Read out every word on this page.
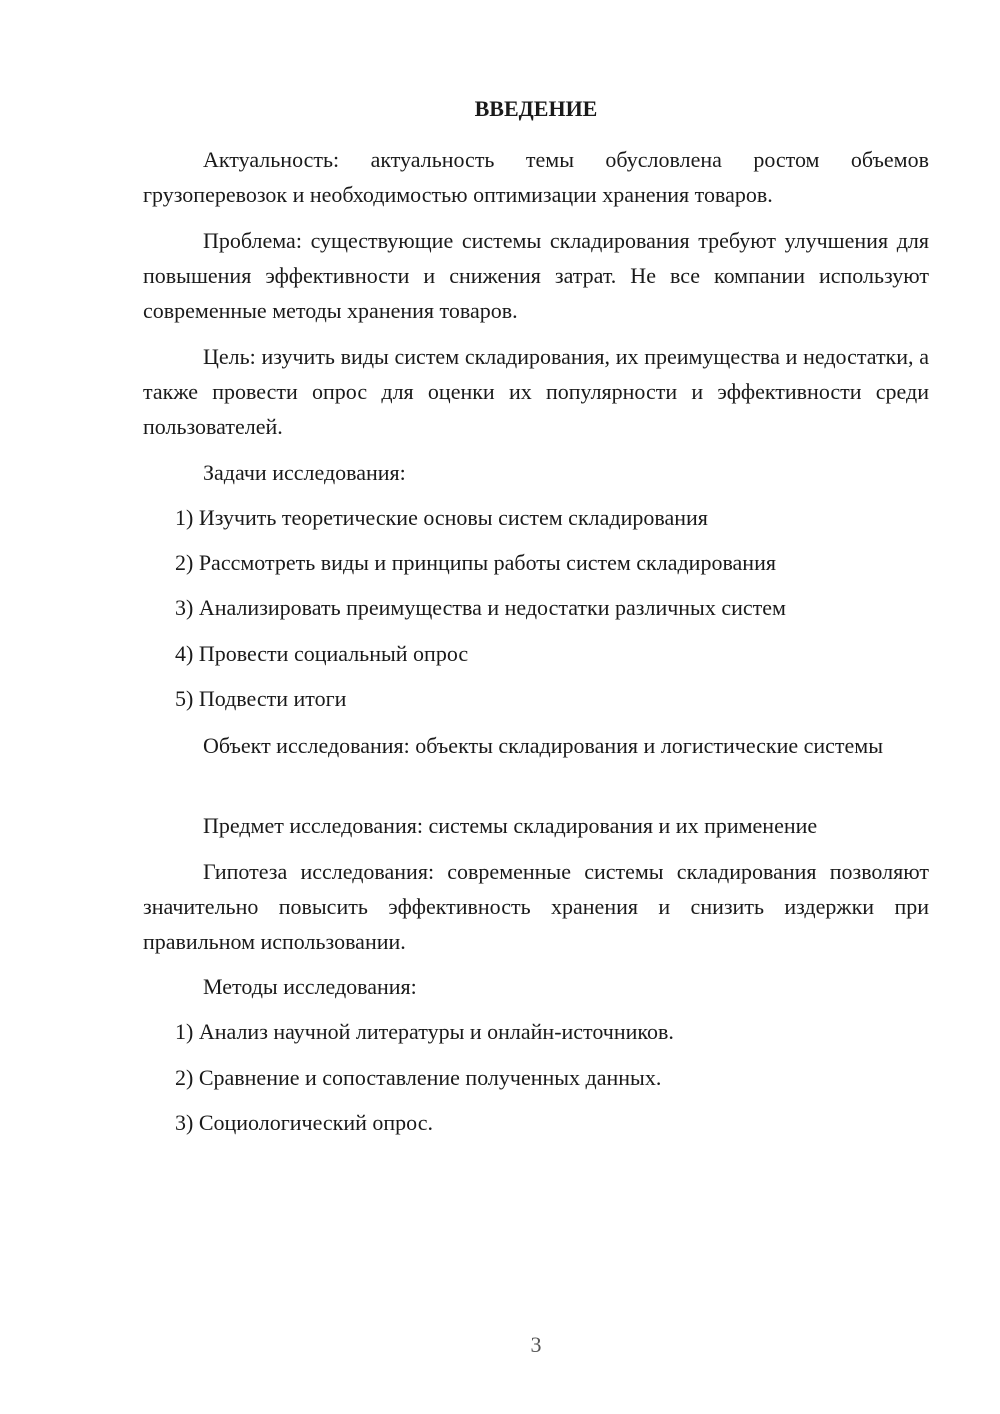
ВВЕДЕНИЕ

Актуальность: актуальность темы обусловлена ростом объемов грузоперевозок и необходимостью оптимизации хранения товаров.

Проблема: существующие системы складирования требуют улучшения для повышения эффективности и снижения затрат. Не все компании используют современные методы хранения товаров.

Цель: изучить виды систем складирования, их преимущества и недостатки, а также провести опрос для оценки их популярности и эффективности среди пользователей.

Задачи исследования:

1) Изучить теоретические основы систем складирования

2) Рассмотреть виды и принципы работы систем складирования

3) Анализировать преимущества и недостатки различных систем

4) Провести социальный опрос

5) Подвести итоги

Объект исследования: объекты складирования и логистические системы

Предмет исследования: системы складирования и их применение

Гипотеза исследования: современные системы складирования позволяют значительно повысить эффективность хранения и снизить издержки при правильном использовании.

Методы исследования:

1) Анализ научной литературы и онлайн-источников.

2) Сравнение и сопоставление полученных данных.

3) Социологический опрос.

3
